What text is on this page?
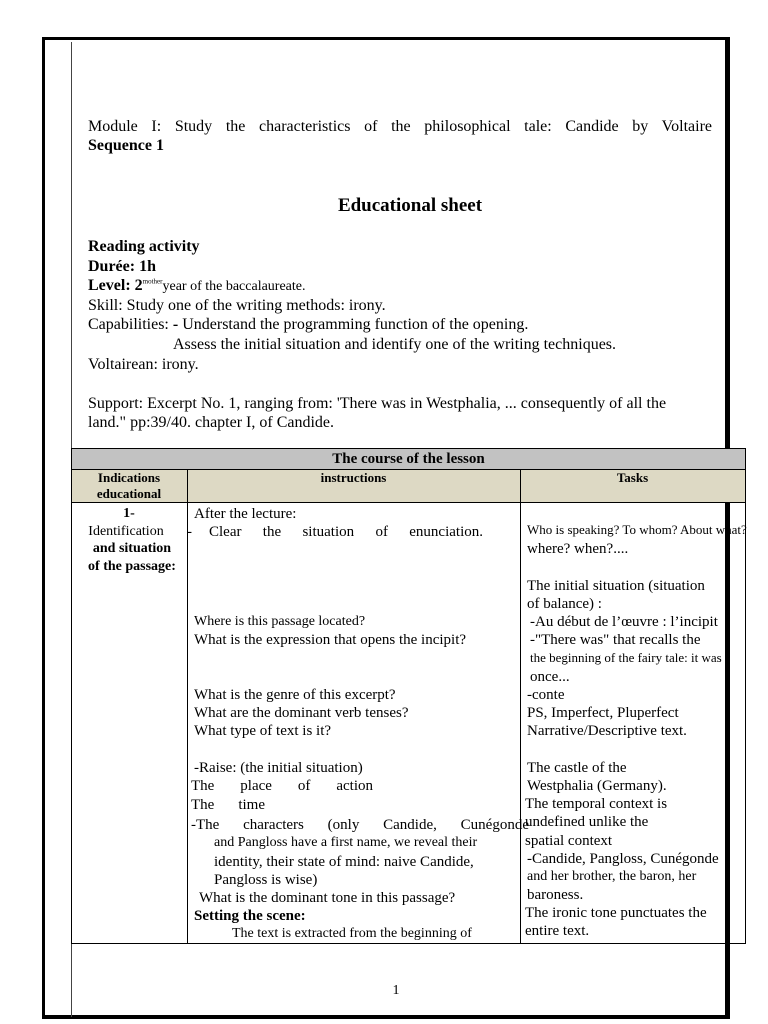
Module I: Study the characteristics of the philosophical tale: Candide by Voltaire
Sequence 1
Educational sheet
Reading activity
Durée: 1h
Level: $2^{mother}year$ of the baccalaureate.
Skill: Study one of the writing methods: irony.
Capabilities: - Understand the programming function of the opening.
Assess the initial situation and identify one of the writing techniques.
Voltairean: irony.
Support: Excerpt No. 1, ranging from: 'There was in Westphalia, ... consequently of all the
land." pp:39/40. chapter I, of Candide.
The course of the lesson
Indications
educational
instructions	Tasks
1-
Identification
and situation
of the passage:
After the lecture:
- Clear the situation of enunciation.
Where is this passage located?
What is the expression that opens the incipit?
What is the genre of this excerpt?
What are the dominant verb tenses?
What type of text is it?
-Raise: (the initial situation)
The place of action
The time
-The characters (only Candide, Cunégonde
and Pangloss have a first name, we reveal their
identity, their state of mind: naive Candide,
Pangloss is wise)
What is the dominant tone in this passage?
Setting the scene:
The text is extracted from the beginning of
Who is speaking? To whom? About what?
where? when?....
The initial situation (situation
of balance) :
-Au début de l’œuvre : l’incipit
-"There was" that recalls the
the beginning of the fairy tale: it was
once...
-conte
PS, Imperfect, Pluperfect
Narrative/Descriptive text.
The castle of the
Westphalia (Germany).
The temporal context is
undefined unlike the
spatial context
-Candide, Pangloss, Cunégonde
and her brother, the baron, her
baroness.
The ironic tone punctuates the
entire text.
1
